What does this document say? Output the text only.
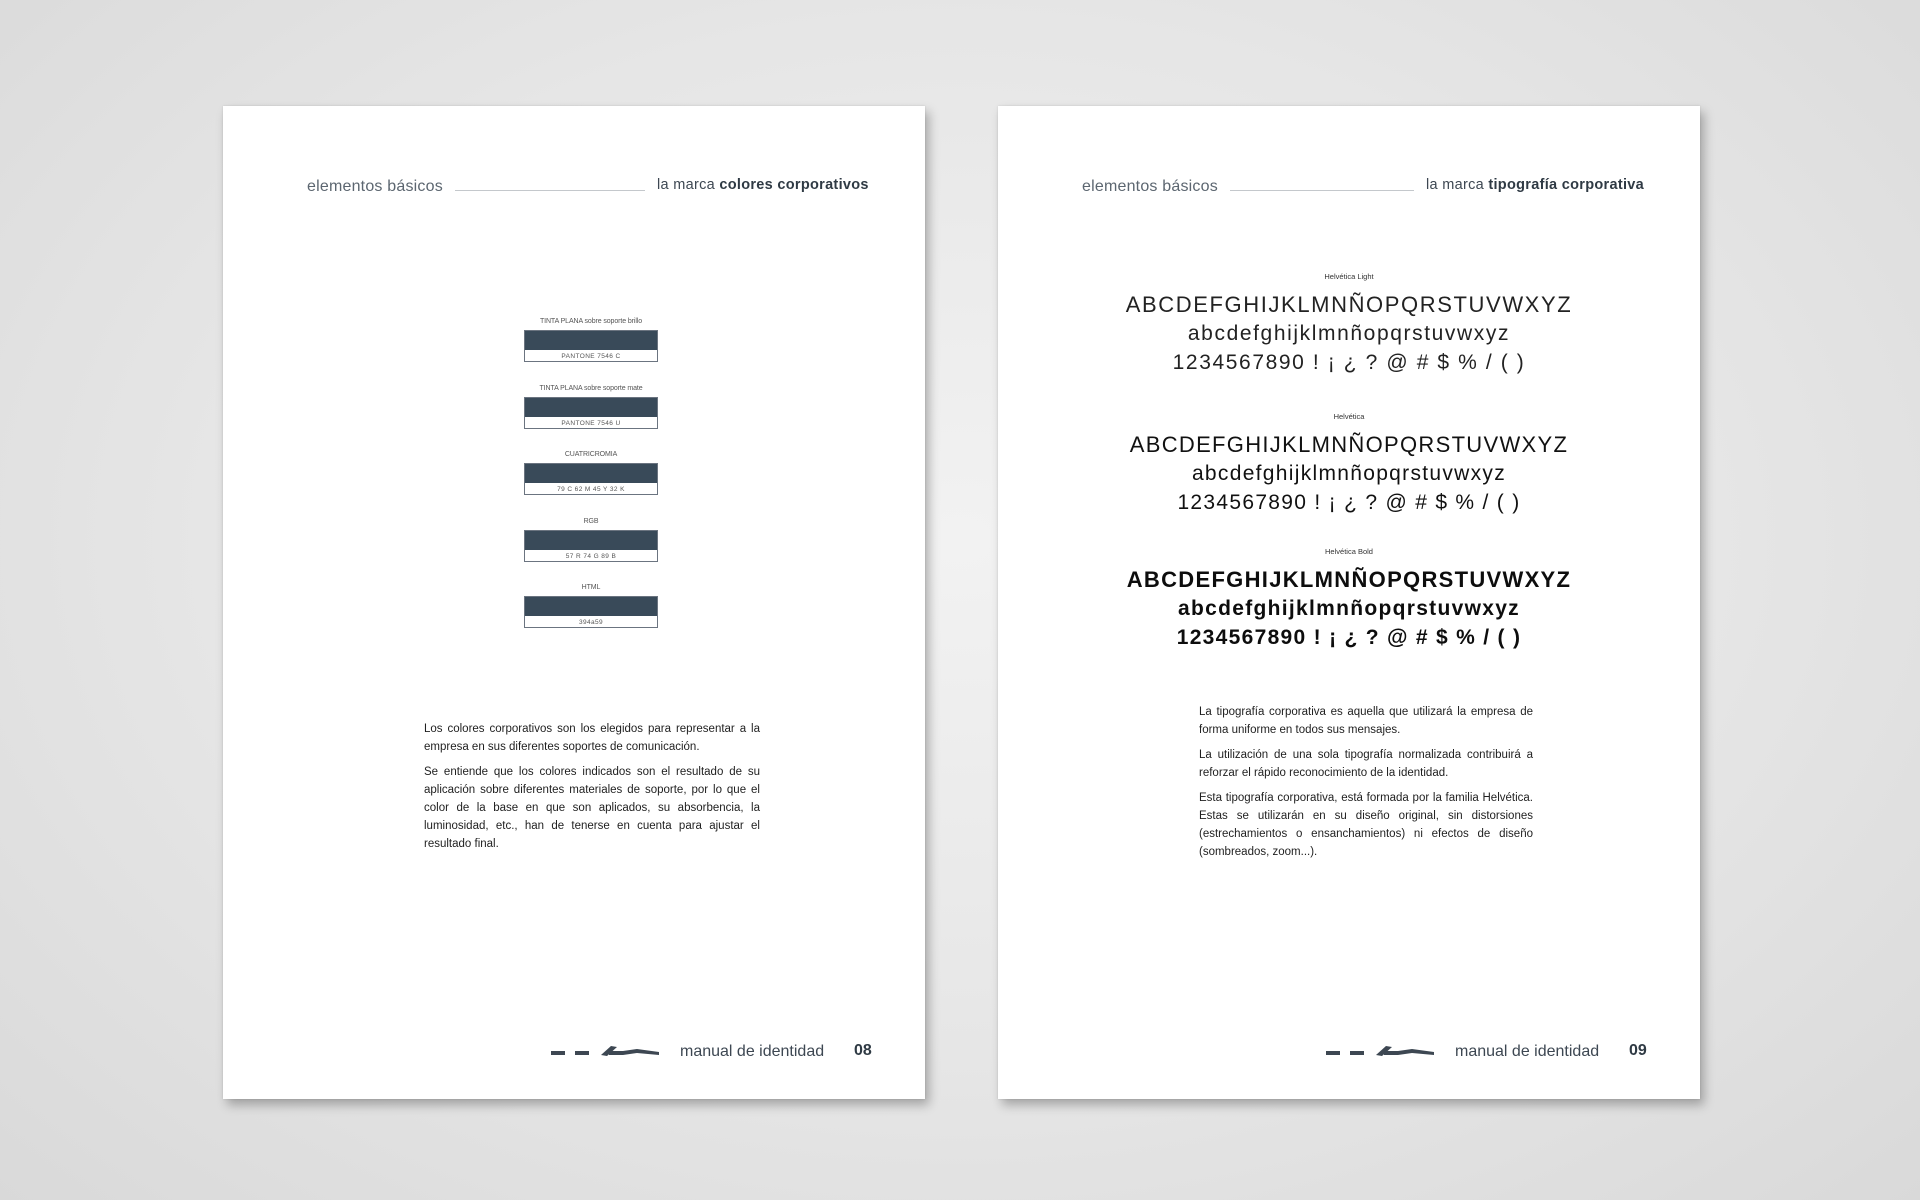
elementos básicos	la marca colores corporativos
TINTA PLANA sobre soporte brillo
PANTONE 7546 C
TINTA PLANA sobre soporte mate
PANTONE 7546 U
CUATRICROMIA
79 C 62 M 45 Y 32 K
RGB
57 R 74 G 89 B
HTML
394a59

Los colores corporativos son los elegidos para representar a la empresa en sus diferentes soportes de comunicación.

Se entiende que los colores indicados son el resultado de su aplicación sobre diferentes materiales de soporte, por lo que el color de la base en que son aplicados, su absorbencia, la luminosidad, etc., han de tenerse en cuenta para ajustar el resultado final.

manual de identidad 08
elementos básicos	la marca tipografía corporativa
Helvética Light
ABCDEFGHIJKLMNÑOPQRSTUVWXYZ
abcdefghijklmnñopqrstuvwxyz
1234567890 ! ¡ ¿ ? @ # $ % / ( )
Helvética
ABCDEFGHIJKLMNÑOPQRSTUVWXYZ
abcdefghijklmnñopqrstuvwxyz
1234567890 ! ¡ ¿ ? @ # $ % / ( )
Helvética Bold
ABCDEFGHIJKLMNÑOPQRSTUVWXYZ
abcdefghijklmnñopqrstuvwxyz
1234567890 ! ¡ ¿ ? @ # $ % / ( )

La tipografía corporativa es aquella que utilizará la empresa de forma uniforme en todos sus mensajes.

La utilización de una sola tipografía normalizada contribuirá a reforzar el rápido reconocimiento de la identidad.

Esta tipografía corporativa, está formada por la familia Helvética. Estas se utilizarán en su diseño original, sin distorsiones (estrechamientos o ensanchamientos) ni efectos de diseño (sombreados, zoom...).

manual de identidad 09
